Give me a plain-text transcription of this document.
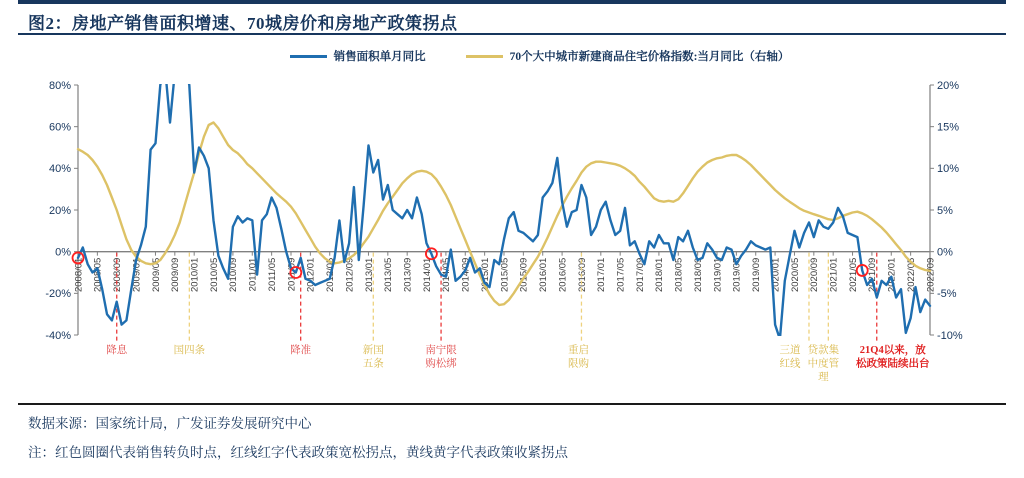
图2：房地产销售面积增速、70城房价和房地产政策拐点
销售面积单月同比	70个大中城市新建商品住宅价格指数:当月同比（右轴）
80%
60%
40%
20%
0%
-20%
-40%
20%
15%
10%
5%
0%
-5%
-10%
2008/01 2008/05 2008/09 2009/01 2009/05 2009/09 2010/01 2010/05 2010/09 2011/01 2011/05 2011/09 2012/01 2012/05 2012/09 2013/01 2013/05 2013/09 2014/01 2014/05 2014/09 2015/01 2015/05 2015/09 2016/01 2016/05 2016/09 2017/01 2017/05 2017/09 2018/01 2018/05 2018/09 2019/01 2019/05 2019/09 2020/01 2020/05 2020/09 2021/01 2021/05 2021/09 2022/01 2022/05 2022/09
降息	国四条	降准	新国
五条
南宁限
购松绑
重启
限购
三道
红线
贷款集
中度管
理
21Q4以来，放
松政策陆续出台
数据来源：国家统计局，广发证券发展研究中心
注：红色圆圈代表销售转负时点，红线红字代表政策宽松拐点，黄线黄字代表政策收紧拐点
